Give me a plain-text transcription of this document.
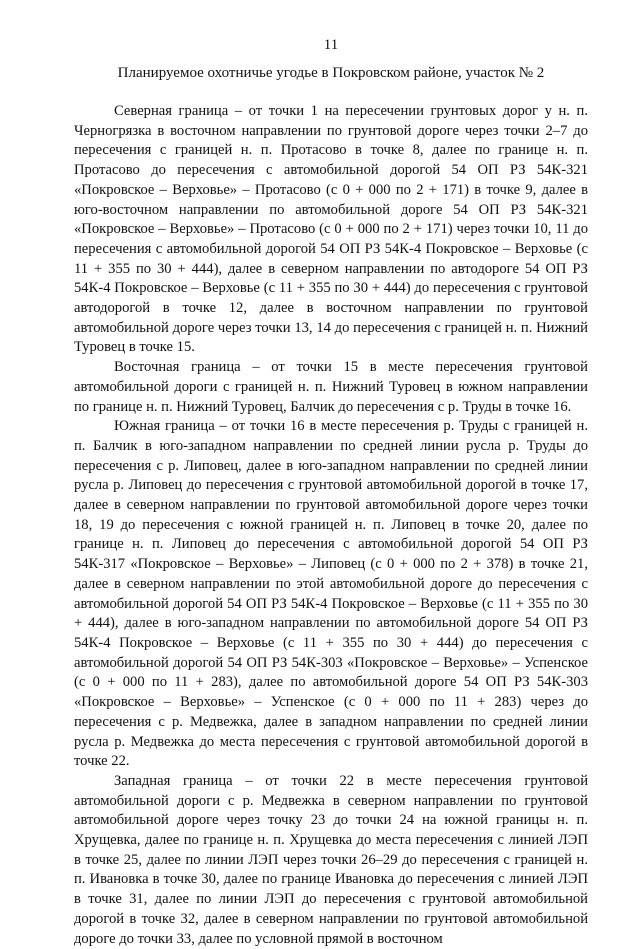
11
Планируемое охотничье угодье в Покровском районе, участок № 2

Северная граница – от точки 1 на пересечении грунтовых дорог у н. п. Черногрязка в восточном направлении по грунтовой дороге через точки 2–7 до пересечения с границей н. п. Протасово в точке 8, далее по границе н. п. Протасово до пересечения с автомобильной дорогой 54 ОП РЗ 54К-321 «Покровское – Верховье» – Протасово (с 0 + 000 по 2 + 171) в точке 9, далее в юго-восточном направлении по автомобильной дороге 54 ОП РЗ 54К-321 «Покровское – Верховье» – Протасово (с 0 + 000 по 2 + 171) через точки 10, 11 до пересечения с автомобильной дорогой 54 ОП РЗ 54К-4 Покровское – Верховье (с 11 + 355 по 30 + 444), далее в северном направлении по автодороге 54 ОП РЗ 54К-4 Покровское – Верховье (с 11 + 355 по 30 + 444) до пересечения с грунтовой автодорогой в точке 12, далее в восточном направлении по грунтовой автомобильной дороге через точки 13, 14 до пересечения с границей н. п. Нижний Туровец в точке 15.

Восточная граница – от точки 15 в месте пересечения грунтовой автомобильной дороги с границей н. п. Нижний Туровец в южном направлении по границе н. п. Нижний Туровец, Балчик до пересечения с р. Труды в точке 16.

Южная граница – от точки 16 в месте пересечения р. Труды с границей н. п. Балчик в юго-западном направлении по средней линии русла р. Труды до пересечения с р. Липовец, далее в юго-западном направлении по средней линии русла р. Липовец до пересечения с грунтовой автомобильной дорогой в точке 17, далее в северном направлении по грунтовой автомобильной дороге через точки 18, 19 до пересечения с южной границей н. п. Липовец в точке 20, далее по границе н. п. Липовец до пересечения с автомобильной дорогой 54 ОП РЗ 54К-317 «Покровское – Верховье» – Липовец (с 0 + 000 по 2 + 378) в точке 21, далее в северном направлении по этой автомобильной дороге до пересечения с автомобильной дорогой 54 ОП РЗ 54К-4 Покровское – Верховье (с 11 + 355 по 30 + 444), далее в юго-западном направлении по автомобильной дороге 54 ОП РЗ 54К-4 Покровское – Верховье (с 11 + 355 по 30 + 444) до пересечения с автомобильной дорогой 54 ОП РЗ 54К-303 «Покровское – Верховье» – Успенское (с 0 + 000 по 11 + 283), далее по автомобильной дороге 54 ОП РЗ 54К-303 «Покровское – Верховье» – Успенское (с 0 + 000 по 11 + 283) через до пересечения с р. Медвежка, далее в западном направлении по средней линии русла р. Медвежка до места пересечения с грунтовой автомобильной дорогой в точке 22.

Западная граница – от точки 22 в месте пересечения грунтовой автомобильной дороги с р. Медвежка в северном направлении по грунтовой автомобильной дороге через точку 23 до точки 24 на южной границы н. п. Хрущевка, далее по границе н. п. Хрущевка до места пересечения с линией ЛЭП в точке 25, далее по линии ЛЭП через точки 26–29 до пересечения с границей н. п. Ивановка в точке 30, далее по границе Ивановка до пересечения с линией ЛЭП в точке 31, далее по линии ЛЭП до пересечения с грунтовой автомобильной дорогой в точке 32, далее в северном направлении по грунтовой автомобильной дороге до точки 33, далее по условной прямой в восточном
